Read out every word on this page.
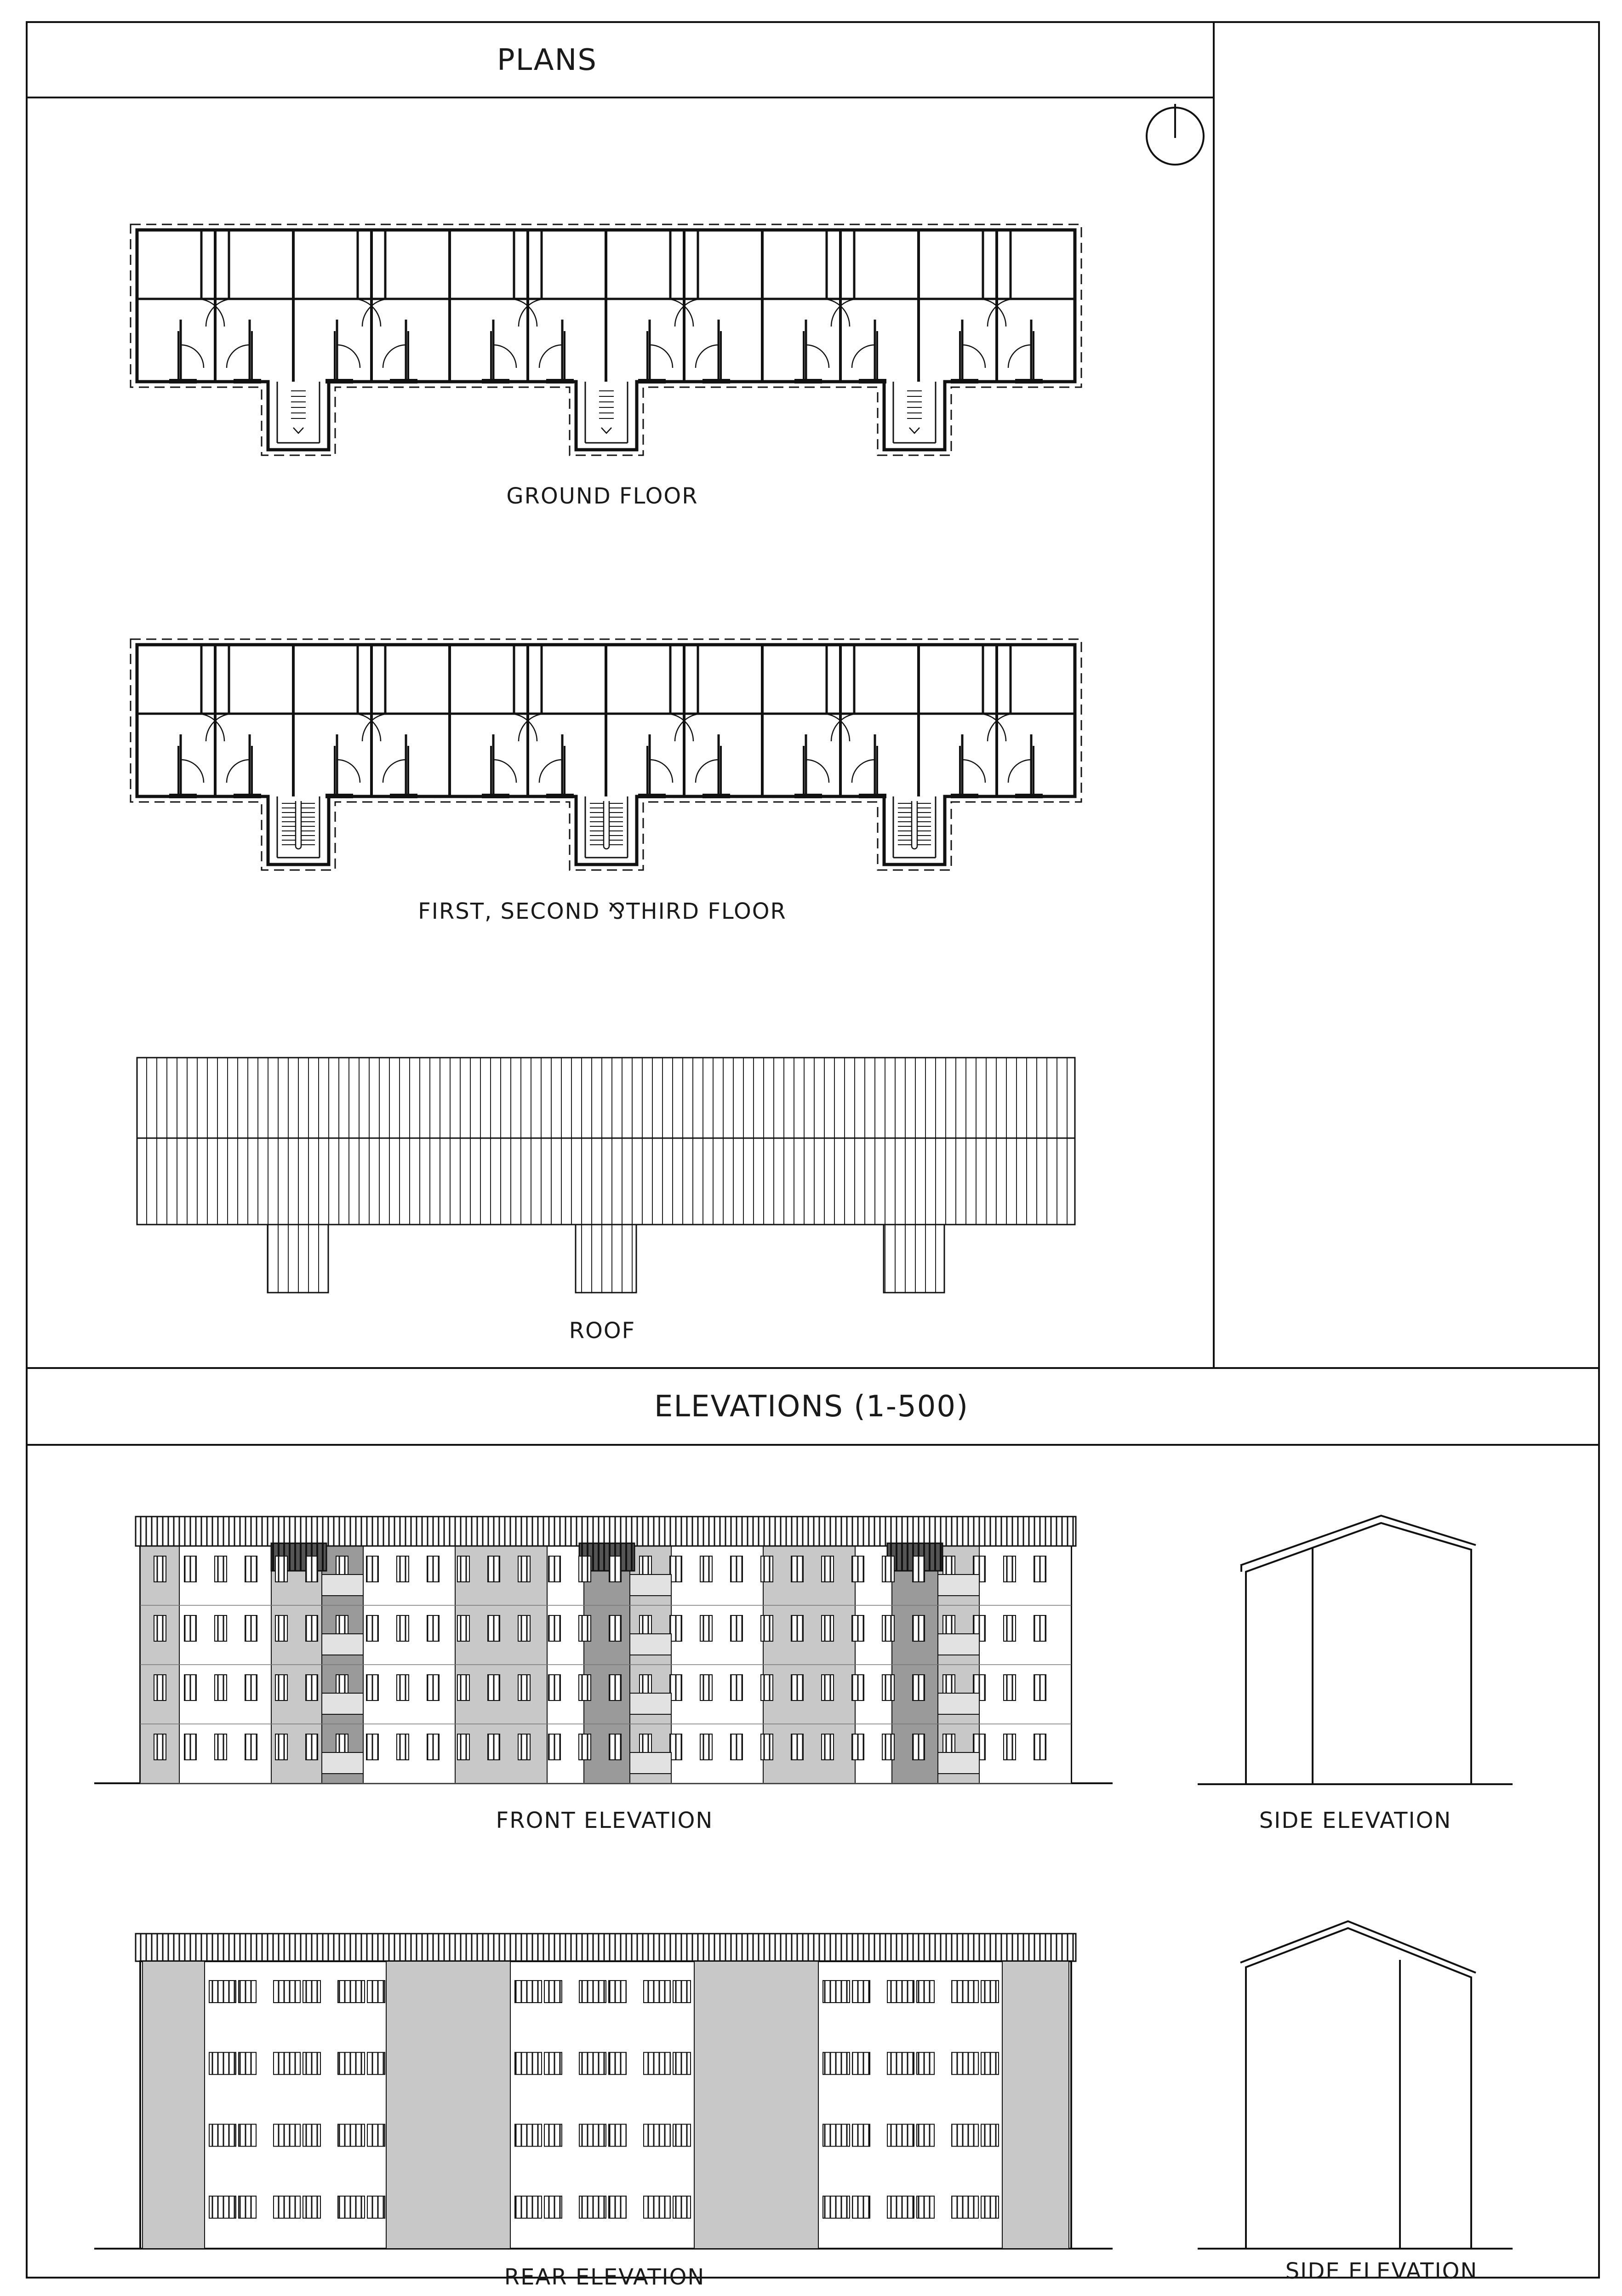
PLANS
ELEVATIONS (1-500)
GROUND FLOOR
FIRST, SECOND ⅋THIRD FLOOR
ROOF
FRONT ELEVATION	SIDE ELEVATION
REAR ELEVATION	SIDE ELEVATION
